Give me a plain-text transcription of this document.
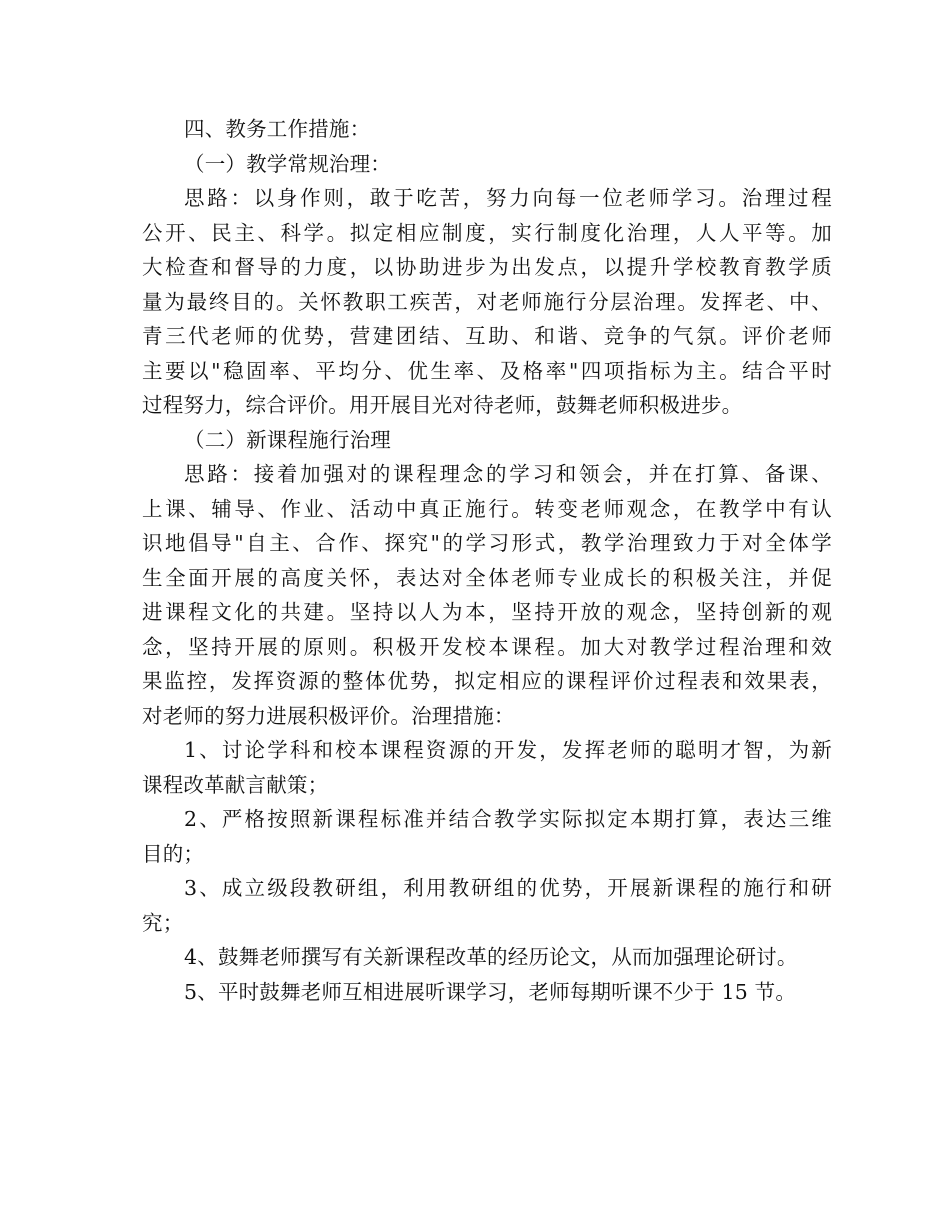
四、教务工作措施：
（一）教学常规治理：
思路：以身作则，敢于吃苦，努力向每一位老师学习。治理过程
公开、民主、科学。拟定相应制度，实行制度化治理，人人平等。加
大检查和督导的力度，以协助进步为出发点，以提升学校教育教学质
量为最终目的。关怀教职工疾苦，对老师施行分层治理。发挥老、中、
青三代老师的优势，营建团结、互助、和谐、竞争的气氛。评价老师
主要以"稳固率、平均分、优生率、及格率"四项指标为主。结合平时
过程努力，综合评价。用开展目光对待老师，鼓舞老师积极进步。
（二）新课程施行治理
思路：接着加强对的课程理念的学习和领会，并在打算、备课、
上课、辅导、作业、活动中真正施行。转变老师观念，在教学中有认
识地倡导"自主、合作、探究"的学习形式，教学治理致力于对全体学
生全面开展的高度关怀，表达对全体老师专业成长的积极关注，并促
进课程文化的共建。坚持以人为本，坚持开放的观念，坚持创新的观
念，坚持开展的原则。积极开发校本课程。加大对教学过程治理和效
果监控，发挥资源的整体优势，拟定相应的课程评价过程表和效果表，
对老师的努力进展积极评价。治理措施：
1、讨论学科和校本课程资源的开发，发挥老师的聪明才智，为新
课程改革献言献策；
2、严格按照新课程标准并结合教学实际拟定本期打算，表达三维
目的；
3、成立级段教研组，利用教研组的优势，开展新课程的施行和研
究；
4、鼓舞老师撰写有关新课程改革的经历论文，从而加强理论研讨。
5、平时鼓舞老师互相进展听课学习，老师每期听课不少于 15 节。
